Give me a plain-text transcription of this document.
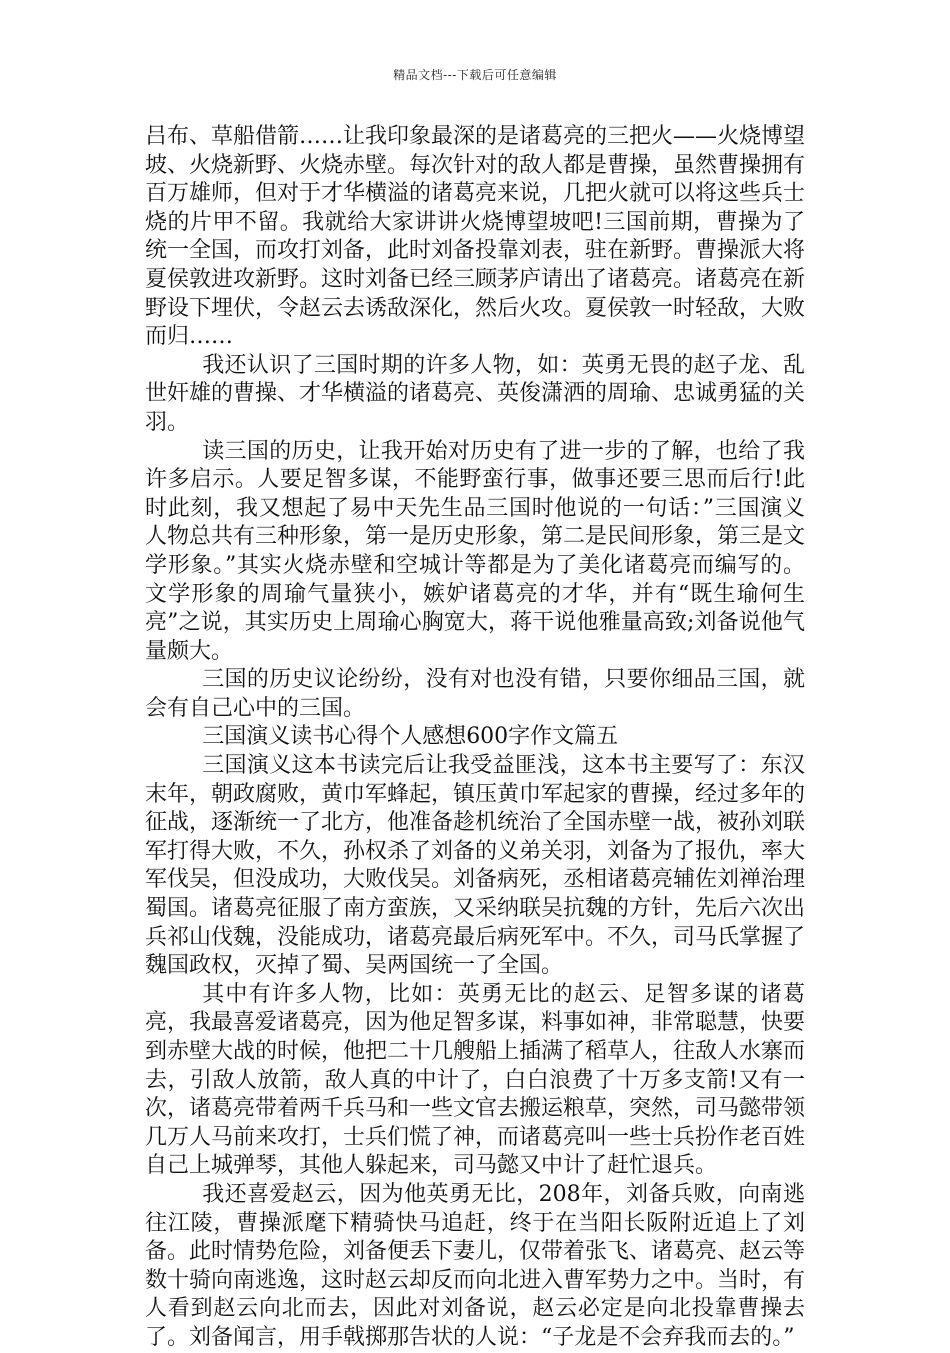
精品文档---下载后可任意编辑

吕布、草船借箭……让我印象最深的是诸葛亮的三把火——火烧博望坡、火烧新野、火烧赤壁。每次针对的敌人都是曹操，虽然曹操拥有百万雄师，但对于才华横溢的诸葛亮来说，几把火就可以将这些兵士烧的片甲不留。我就给大家讲讲火烧博望坡吧!三国前期，曹操为了统一全国，而攻打刘备，此时刘备投靠刘表，驻在新野。曹操派大将夏侯敦进攻新野。这时刘备已经三顾茅庐请出了诸葛亮。诸葛亮在新野设下埋伏，令赵云去诱敌深化，然后火攻。夏侯敦一时轻敌，大败而归……

我还认识了三国时期的许多人物，如：英勇无畏的赵子龙、乱世奸雄的曹操、才华横溢的诸葛亮、英俊潇洒的周瑜、忠诚勇猛的关羽。

读三国的历史，让我开始对历史有了进一步的了解，也给了我许多启示。人要足智多谋，不能野蛮行事，做事还要三思而后行!此时此刻，我又想起了易中天先生品三国时他说的一句话：”三国演义人物总共有三种形象，第一是历史形象，第二是民间形象，第三是文学形象。”其实火烧赤壁和空城计等都是为了美化诸葛亮而编写的。文学形象的周瑜气量狭小，嫉妒诸葛亮的才华，并有“既生瑜何生亮”之说，其实历史上周瑜心胸宽大，蒋干说他雅量高致;刘备说他气量颇大。

三国的历史议论纷纷，没有对也没有错，只要你细品三国，就会有自己心中的三国。

三国演义读书心得个人感想600字作文篇五

三国演义这本书读完后让我受益匪浅，这本书主要写了：东汉末年，朝政腐败，黄巾军蜂起，镇压黄巾军起家的曹操，经过多年的征战，逐渐统一了北方，他准备趁机统治了全国赤壁一战，被孙刘联军打得大败，不久，孙权杀了刘备的义弟关羽，刘备为了报仇，率大军伐吴，但没成功，大败伐吴。刘备病死，丞相诸葛亮辅佐刘禅治理蜀国。诸葛亮征服了南方蛮族，又采纳联吴抗魏的方针，先后六次出兵祁山伐魏，没能成功，诸葛亮最后病死军中。不久，司马氏掌握了魏国政权，灭掉了蜀、吴两国统一了全国。

其中有许多人物，比如：英勇无比的赵云、足智多谋的诸葛亮，我最喜爱诸葛亮，因为他足智多谋，料事如神，非常聪慧，快要到赤壁大战的时候，他把二十几艘船上插满了稻草人，往敌人水寨而去，引敌人放箭，敌人真的中计了，白白浪费了十万多支箭!又有一次，诸葛亮带着两千兵马和一些文官去搬运粮草，突然，司马懿带领几万人马前来攻打，士兵们慌了神，而诸葛亮叫一些士兵扮作老百姓自己上城弹琴，其他人躲起来，司马懿又中计了赶忙退兵。

我还喜爱赵云，因为他英勇无比，208年，刘备兵败，向南逃往江陵，曹操派麾下精骑快马追赶，终于在当阳长阪附近追上了刘备。此时情势危险，刘备便丢下妻儿，仅带着张飞、诸葛亮、赵云等数十骑向南逃逸，这时赵云却反而向北进入曹军势力之中。当时，有人看到赵云向北而去，因此对刘备说，赵云必定是向北投靠曹操去了。刘备闻言，用手戟掷那告状的人说：“子龙是不会弃我而去的。”
